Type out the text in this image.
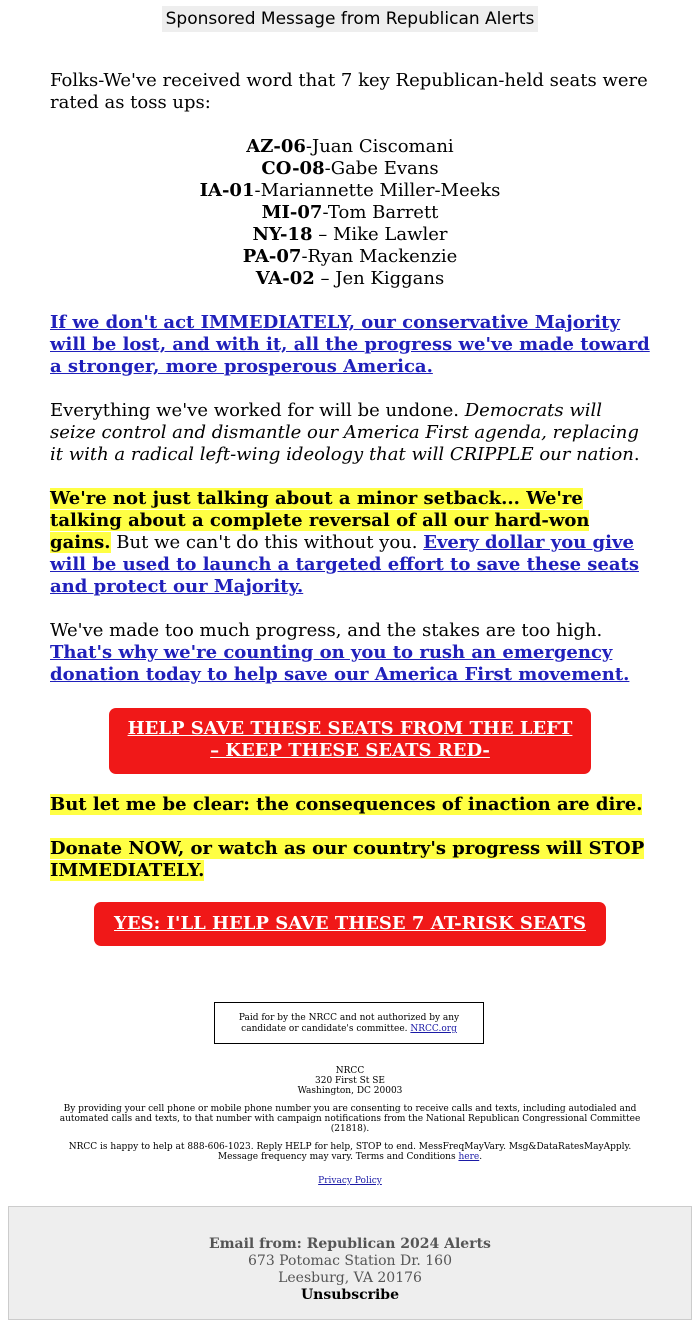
Sponsored Message from Republican Alerts

Folks-We've received word that 7 key Republican-held seats were rated as toss ups:

AZ-06-Juan Ciscomani
CO-08-Gabe Evans
IA-01-Mariannette Miller-Meeks
MI-07-Tom Barrett
NY-18 – Mike Lawler
PA-07-Ryan Mackenzie
VA-02 – Jen Kiggans

If we don't act IMMEDIATELY, our conservative Majority will be lost, and with it, all the progress we've made toward a stronger, more prosperous America.

Everything we've worked for will be undone. Democrats will seize control and dismantle our America First agenda, replacing it with a radical left-wing ideology that will CRIPPLE our nation.

We're not just talking about a minor setback... We're talking about a complete reversal of all our hard-won gains. But we can't do this without you. Every dollar you give will be used to launch a targeted effort to save these seats and protect our Majority.

We've made too much progress, and the stakes are too high. That's why we're counting on you to rush an emergency donation today to help save our America First movement.

HELP SAVE THESE SEATS FROM THE LEFT
– KEEP THESE SEATS RED-

But let me be clear: the consequences of inaction are dire.

Donate NOW, or watch as our country's progress will STOP IMMEDIATELY.

YES: I'LL HELP SAVE THESE 7 AT-RISK SEATS
Paid for by the NRCC and not authorized by any candidate or candidate's committee. NRCC.org

NRCC
320 First St SE
Washington, DC 20003

By providing your cell phone or mobile phone number you are consenting to receive calls and texts, including autodialed and automated calls and texts, to that number with campaign notifications from the National Republican Congressional Committee (21818).

NRCC is happy to help at 888-606-1023. Reply HELP for help, STOP to end. MessFreqMayVary. Msg&DataRatesMayApply. Message frequency may vary. Terms and Conditions here.

Privacy Policy

Email from: Republican 2024 Alerts
673 Potomac Station Dr. 160
Leesburg, VA 20176
Unsubscribe
